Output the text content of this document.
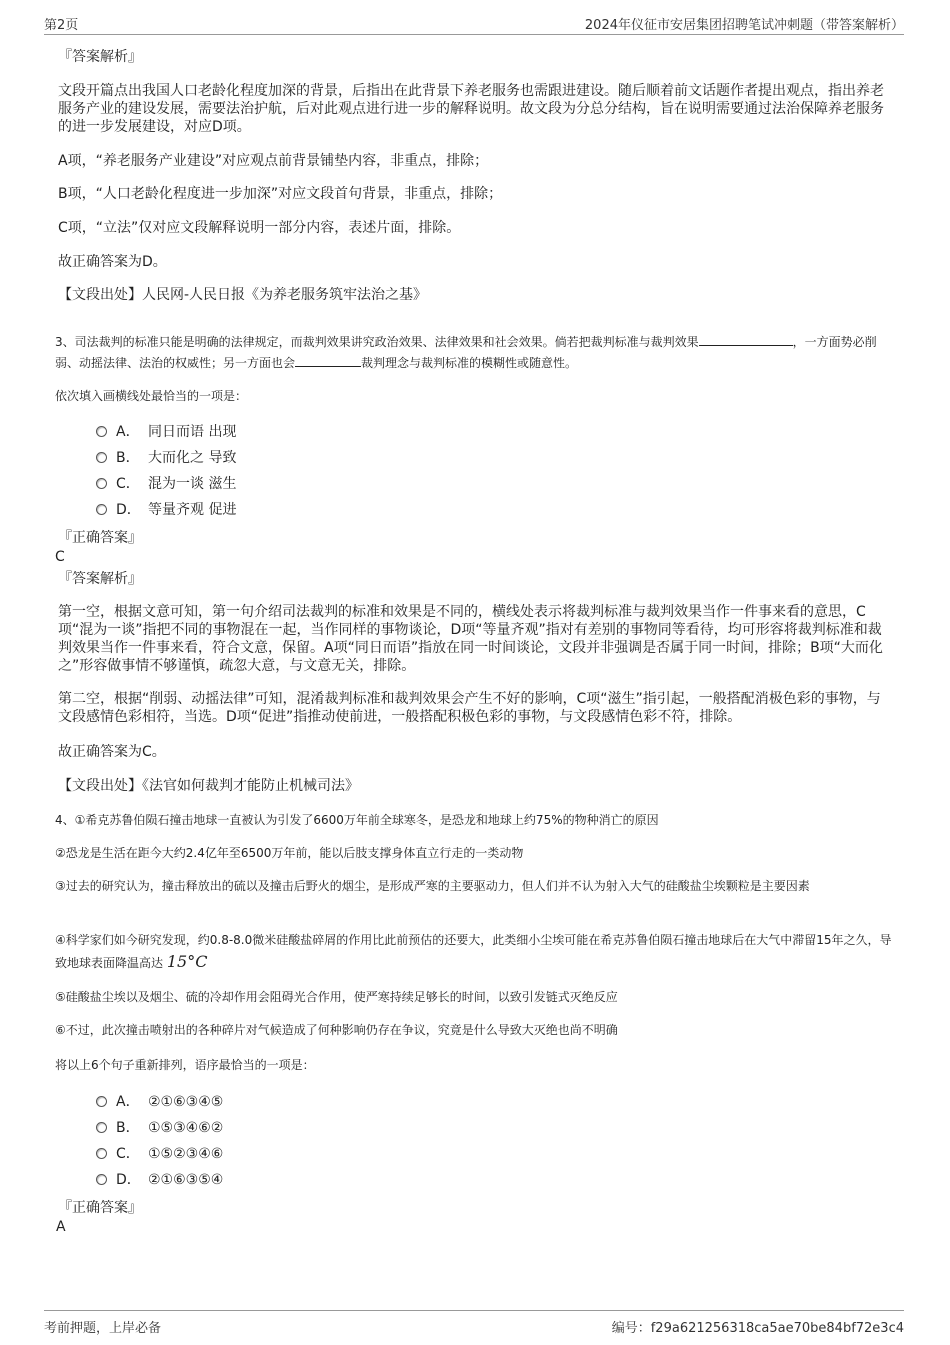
第2页	2024年仪征市安居集团招聘笔试冲刺题（带答案解析）
『答案解析』
文段开篇点出我国人口老龄化程度加深的背景，后指出在此背景下养老服务也需跟进建设。随后顺着前文话题作者提出观点，指出养老服务产业的建设发展，需要法治护航，后对此观点进行进一步的解释说明。故文段为分总分结构，旨在说明需要通过法治保障养老服务的进一步发展建设，对应D项。
A项，“养老服务产业建设”对应观点前背景铺垫内容，非重点，排除；
B项，“人口老龄化程度进一步加深”对应文段首句背景，非重点，排除；
C项，“立法”仅对应文段解释说明一部分内容，表述片面，排除。
故正确答案为D。
【文段出处】人民网-人民日报《为养老服务筑牢法治之基》
3、司法裁判的标准只能是明确的法律规定，而裁判效果讲究政治效果、法律效果和社会效果。倘若把裁判标准与裁判效果	，一方面势必削弱、动摇法律、法治的权威性；另一方面也会	裁判理念与裁判标准的模糊性或随意性。
依次填入画横线处最恰当的一项是：
A． 同日而语 出现
B． 大而化之 导致
C． 混为一谈 滋生
D． 等量齐观 促进
『正确答案』
C
『答案解析』
第一空，根据文意可知，第一句介绍司法裁判的标准和效果是不同的，横线处表示将裁判标准与裁判效果当作一件事来看的意思，C项“混为一谈”指把不同的事物混在一起，当作同样的事物谈论，D项“等量齐观”指对有差别的事物同等看待，均可形容将裁判标准和裁判效果当作一件事来看，符合文意，保留。A项“同日而语”指放在同一时间谈论，文段并非强调是否属于同一时间，排除；B项“大而化之”形容做事情不够谨慎，疏忽大意，与文意无关，排除。
第二空，根据“削弱、动摇法律”可知，混淆裁判标准和裁判效果会产生不好的影响，C项“滋生”指引起，一般搭配消极色彩的事物，与文段感情色彩相符，当选。D项“促进”指推动使前进，一般搭配积极色彩的事物，与文段感情色彩不符，排除。
故正确答案为C。
【文段出处】《法官如何裁判才能防止机械司法》
4、①希克苏鲁伯陨石撞击地球一直被认为引发了6600万年前全球寒冬，是恐龙和地球上约75%的物种消亡的原因
②恐龙是生活在距今大约2.4亿年至6500万年前，能以后肢支撑身体直立行走的一类动物
③过去的研究认为，撞击释放出的硫以及撞击后野火的烟尘，是形成严寒的主要驱动力，但人们并不认为射入大气的硅酸盐尘埃颗粒是主要因素
④科学家们如今研究发现，约0.8-8.0微米硅酸盐碎屑的作用比此前预估的还要大，此类细小尘埃可能在希克苏鲁伯陨石撞击地球后在大气中滞留15年之久，导致地球表面降温高达 15°C
⑤硅酸盐尘埃以及烟尘、硫的冷却作用会阻碍光合作用，使严寒持续足够长的时间，以致引发链式灭绝反应
⑥不过，此次撞击喷射出的各种碎片对气候造成了何种影响仍存在争议，究竟是什么导致大灭绝也尚不明确
将以上6个句子重新排列，语序最恰当的一项是：
A． ②①⑥③④⑤
B． ①⑤③④⑥②
C． ①⑤②③④⑥
D． ②①⑥③⑤④
『正确答案』
A
考前押题，上岸必备	编号：f29a621256318ca5ae70be84bf72e3c4
